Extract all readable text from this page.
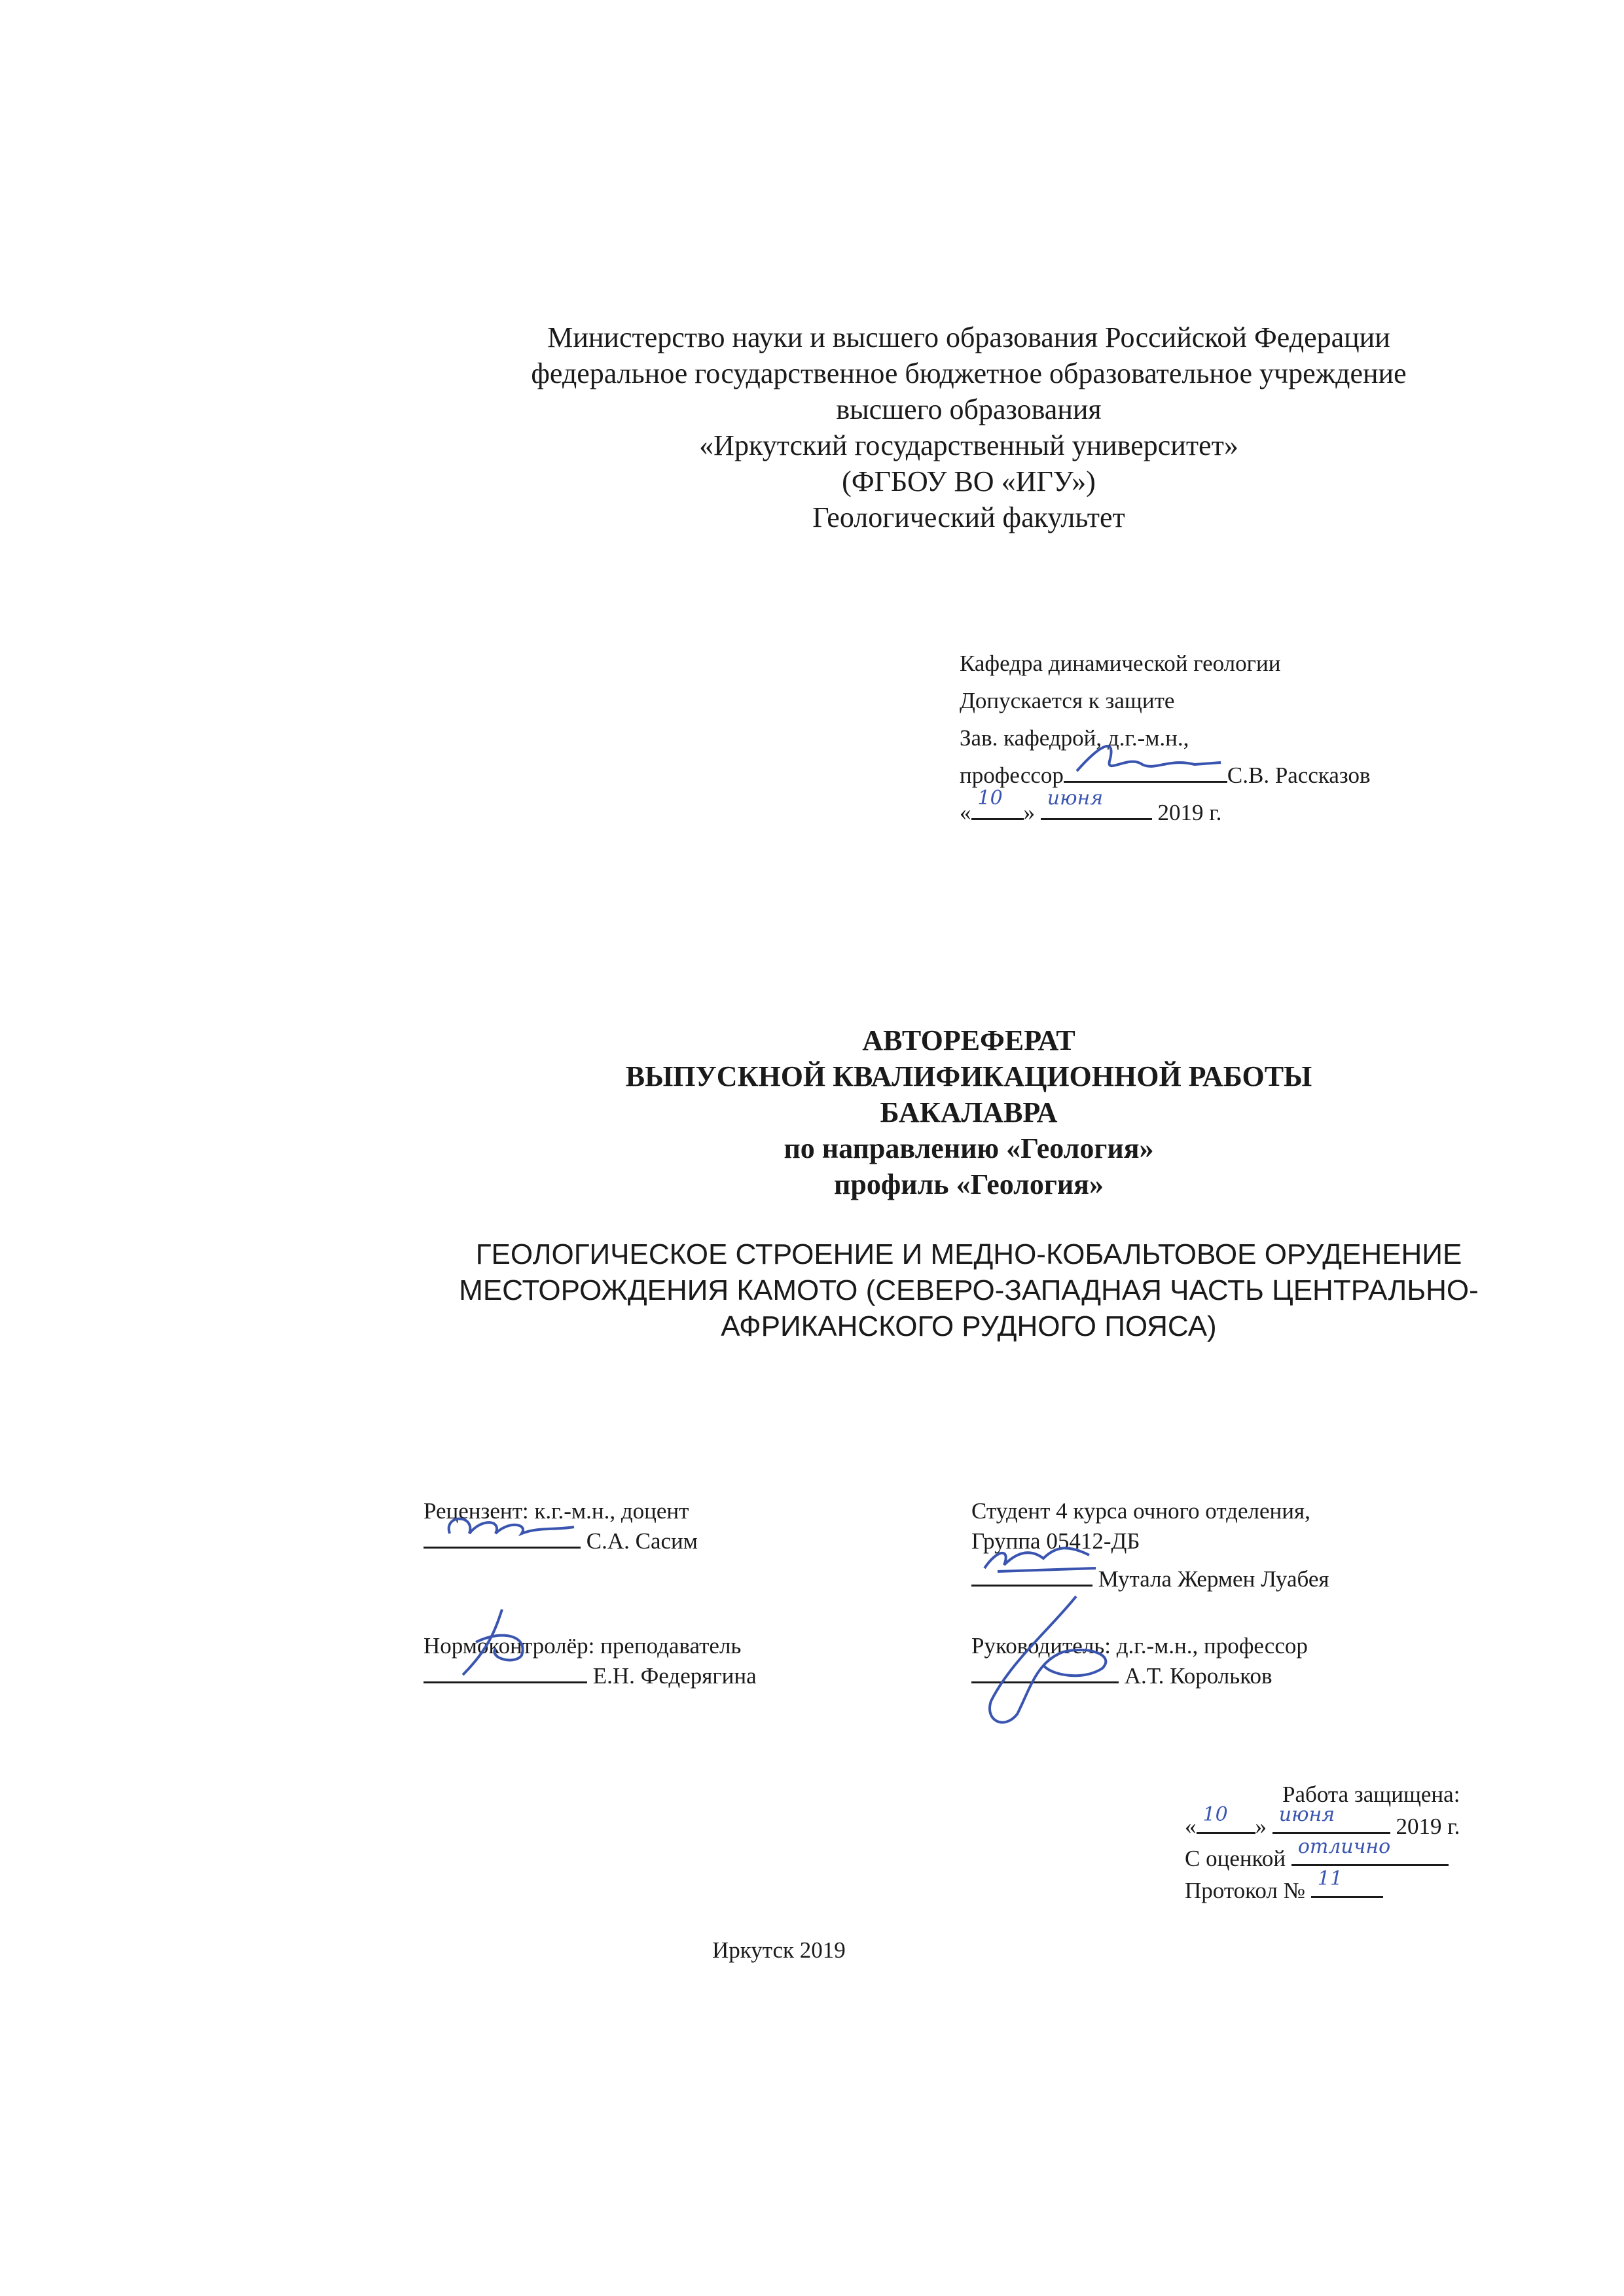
Министерство науки и высшего образования Российской Федерации
федеральное государственное бюджетное образовательное учреждение
высшего образования
«Иркутский государственный университет»
(ФГБОУ ВО «ИГУ»)
Геологический факультет
Кафедра динамической геологии
Допускается к защите
Зав. кафедрой, д.г.-м.н.,
профессор	С.В. Рассказов
«
10
»
июня
2019 г.
АВТОРЕФЕРАТ
ВЫПУСКНОЙ КВАЛИФИКАЦИОННОЙ РАБОТЫ
БАКАЛАВРА
по направлению «Геология»
профиль «Геология»
ГЕОЛОГИЧЕСКОЕ СТРОЕНИЕ И МЕДНО-КОБАЛЬТОВОЕ ОРУДЕНЕНИЕ
МЕСТОРОЖДЕНИЯ КАМОТО (СЕВЕРО-ЗАПАДНАЯ ЧАСТЬ ЦЕНТРАЛЬНО-
АФРИКАНСКОГО РУДНОГО ПОЯСА)
Рецензент: к.г.-м.н., доцент
С.А. Сасим
Нормоконтролёр: преподаватель
Е.Н. Федерягина
Студент 4 курса очного отделения,
Группа 05412-ДБ
Мутала Жермен Луабея
Руководитель: д.г.-м.н., профессор
А.Т. Корольков
Работа защищена:
« 10 » июня	2019 г.
С оценкой отлично
Протокол № 11
Иркутск 2019
